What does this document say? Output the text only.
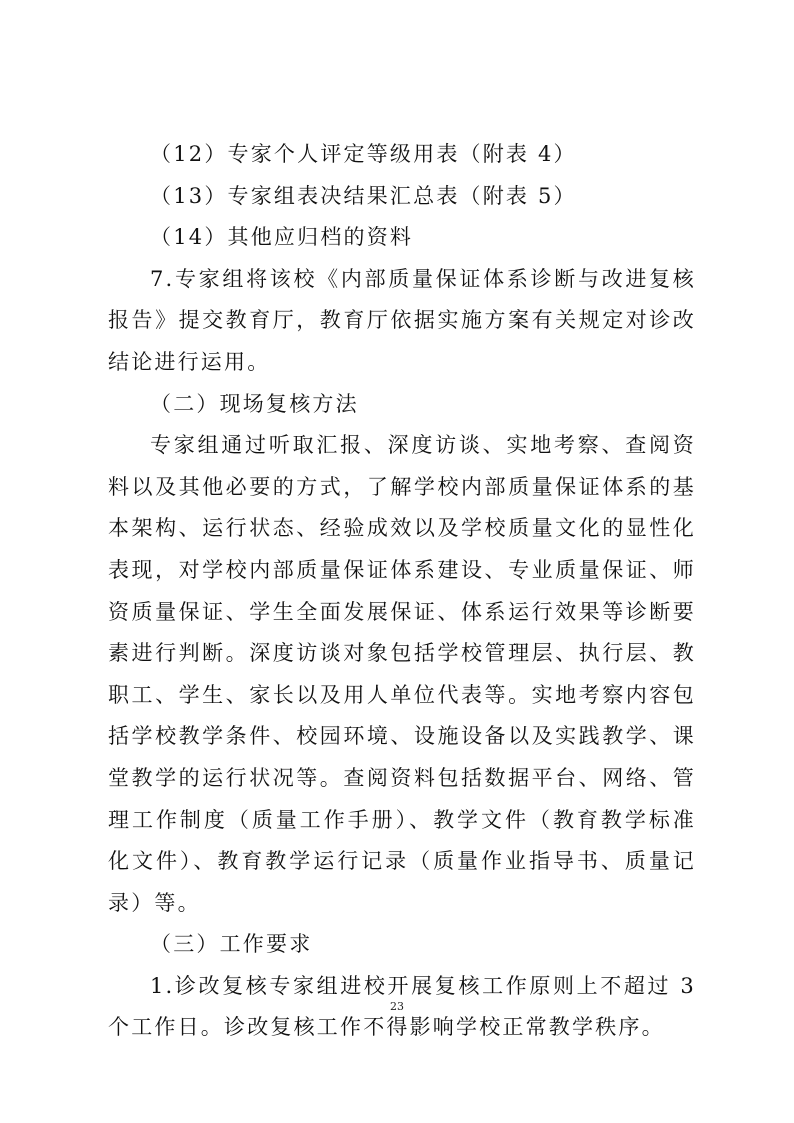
（12）专家个人评定等级用表（附表 4）

（13）专家组表决结果汇总表（附表 5）

（14）其他应归档的资料

7.专家组将该校《内部质量保证体系诊断与改进复核报告》提交教育厅，教育厅依据实施方案有关规定对诊改结论进行运用。

（二）现场复核方法

专家组通过听取汇报、深度访谈、实地考察、查阅资料以及其他必要的方式，了解学校内部质量保证体系的基本架构、运行状态、经验成效以及学校质量文化的显性化表现，对学校内部质量保证体系建设、专业质量保证、师资质量保证、学生全面发展保证、体系运行效果等诊断要素进行判断。深度访谈对象包括学校管理层、执行层、教职工、学生、家长以及用人单位代表等。实地考察内容包括学校教学条件、校园环境、设施设备以及实践教学、课堂教学的运行状况等。查阅资料包括数据平台、网络、管理工作制度（质量工作手册）、教学文件（教育教学标准化文件）、教育教学运行记录（质量作业指导书、质量记录）等。

（三）工作要求

1.诊改复核专家组进校开展复核工作原则上不超过 3 个工作日。诊改复核工作不得影响学校正常教学秩序。

23
